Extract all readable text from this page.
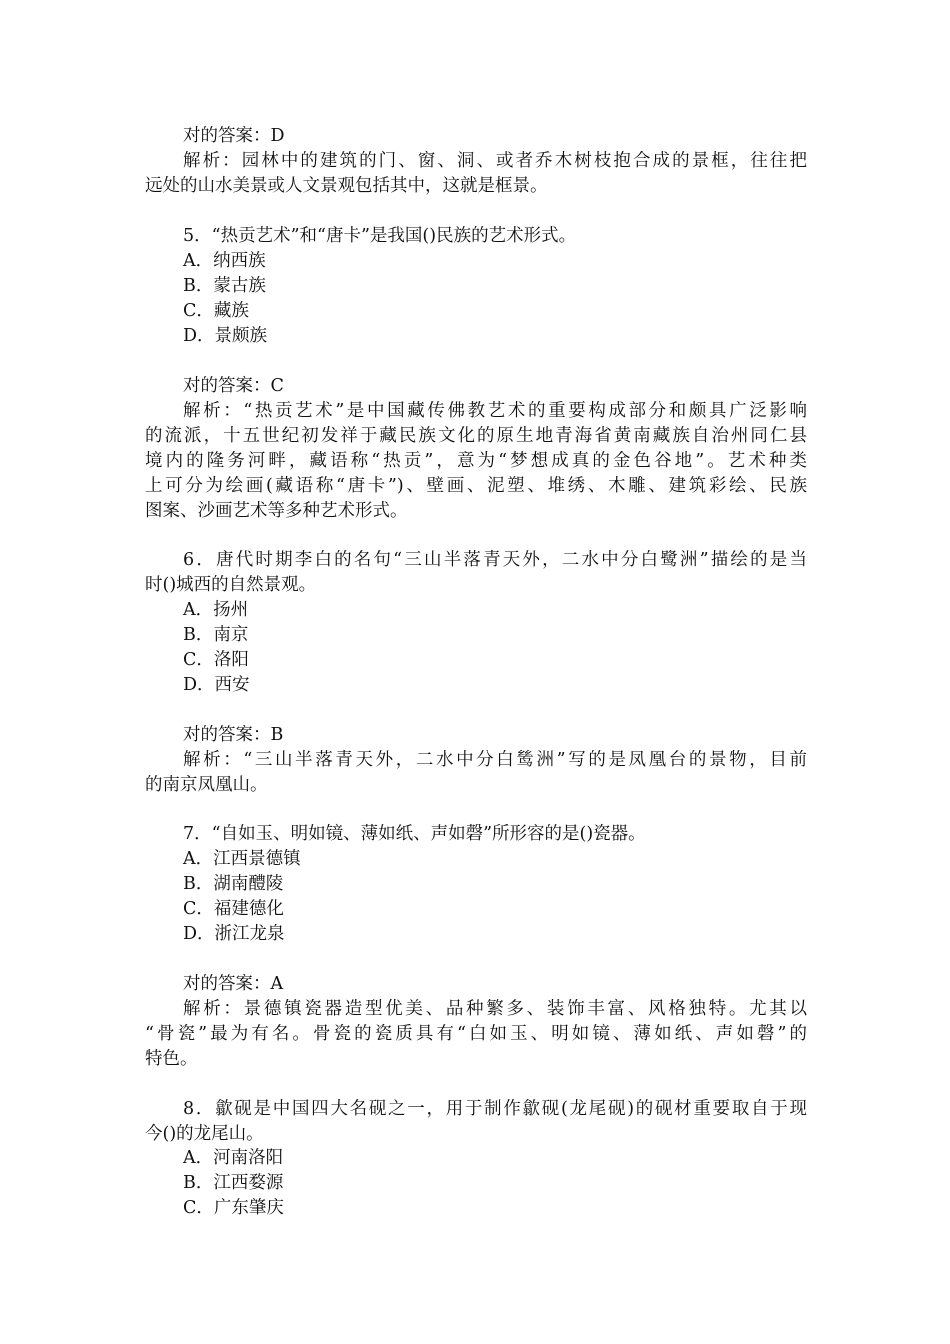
对的答案：D
解析：园林中的建筑的门、窗、洞、或者乔木树枝抱合成的景框，往往把
远处的山水美景或人文景观包括其中，这就是框景。
5．“热贡艺术”和“唐卡”是我国()民族的艺术形式。
A．纳西族
B．蒙古族
C．藏族
D．景颇族
对的答案：C
解析：“热贡艺术”是中国藏传佛教艺术的重要构成部分和颇具广泛影响
的流派，十五世纪初发祥于藏民族文化的原生地青海省黄南藏族自治州同仁县
境内的隆务河畔，藏语称“热贡”，意为“梦想成真的金色谷地”。艺术种类
上可分为绘画(藏语称“唐卡”)、壁画、泥塑、堆绣、木雕、建筑彩绘、民族
图案、沙画艺术等多种艺术形式。
6．唐代时期李白的名句“三山半落青天外，二水中分白鹭洲”描绘的是当
时()城西的自然景观。
A．扬州
B．南京
C．洛阳
D．西安
对的答案：B
解析：“三山半落青天外，二水中分白鸶洲”写的是凤凰台的景物，目前
的南京凤凰山。
7．“自如玉、明如镜、薄如纸、声如磬”所形容的是()瓷器。
A．江西景德镇
B．湖南醴陵
C．福建德化
D．浙江龙泉
对的答案：A
解析：景德镇瓷器造型优美、品种繁多、装饰丰富、风格独特。尤其以
“骨瓷”最为有名。骨瓷的瓷质具有“白如玉、明如镜、薄如纸、声如磬”的
特色。
8．歙砚是中国四大名砚之一，用于制作歙砚(龙尾砚)的砚材重要取自于现
今()的龙尾山。
A．河南洛阳
B．江西婺源
C．广东肇庆
